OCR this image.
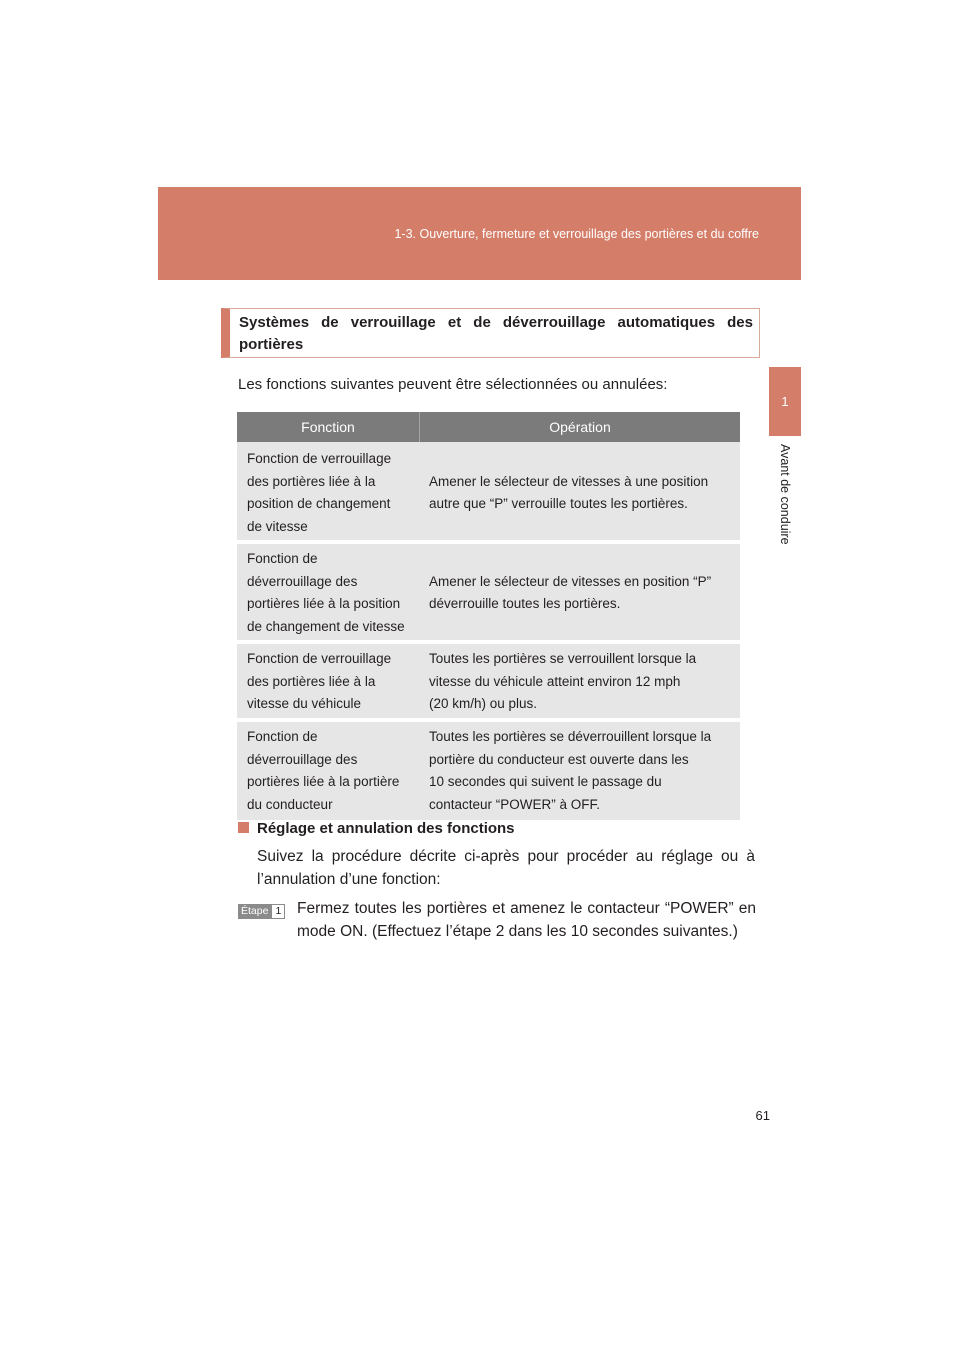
1-3. Ouverture, fermeture et verrouillage des portières et du coffre
1
Avant de conduire
Systèmes de verrouillage et de déverrouillage automatiques des portières
Les fonctions suivantes peuvent être sélectionnées ou annulées:
Fonction	Opération
Fonction de verrouillage
des portières liée à la
position de changement
de vitesse
Amener le sélecteur de vitesses à une position
autre que “P” verrouille toutes les portières.
Fonction de
déverrouillage des
portières liée à la position
de changement de vitesse
Amener le sélecteur de vitesses en position “P”
déverrouille toutes les portières.
Fonction de verrouillage
des portières liée à la
vitesse du véhicule
Toutes les portières se verrouillent lorsque la
vitesse du véhicule atteint environ 12 mph
(20 km/h) ou plus.
Fonction de
déverrouillage des
portières liée à la portière
du conducteur
Toutes les portières se déverrouillent lorsque la
portière du conducteur est ouverte dans les
10 secondes qui suivent le passage du
contacteur “POWER” à OFF.
Réglage et annulation des fonctions
Suivez la procédure décrite ci-après pour procéder au réglage ou à l’annulation d’une fonction:
Étape 1 Fermez toutes les portières et amenez le contacteur “POWER” en mode ON. (Effectuez l’étape 2 dans les 10 secondes suivantes.)
61
